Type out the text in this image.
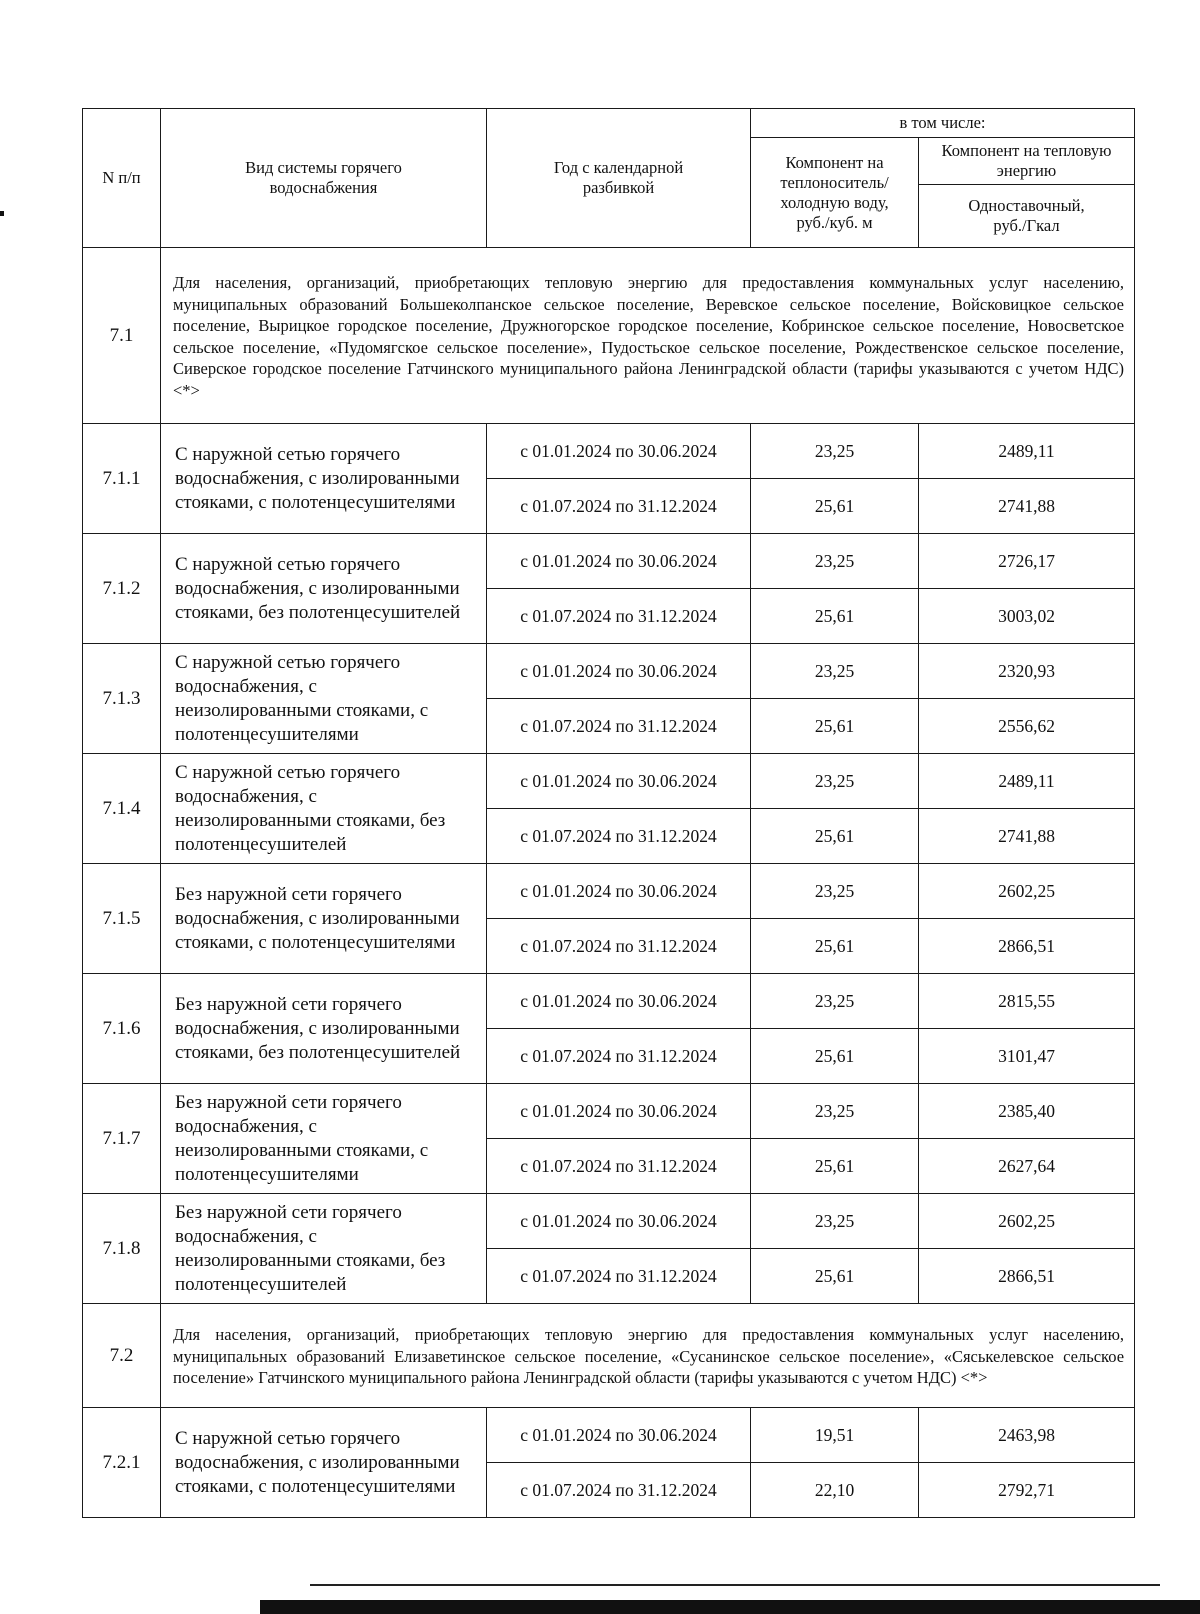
N п/п	Вид системы горячего водоснабжения	Год с календарной разбивкой	в том числе:	

			Компонент на теплоноситель/ холодную воду, руб./куб. м	Компонент на тепловую энергию

				Одноставочный, руб./Гкал

7.1	Для населения, организаций, приобретающих тепловую энергию для предоставления коммунальных услуг населению, муниципальных образований Большеколпанское сельское поселение, Веревское сельское поселение, Войсковицкое сельское поселение, Вырицкое городское поселение, Дружногорское городское поселение, Кобринское сельское поселение, Новосветское сельское поселение, «Пудомягское сельское поселение», Пудостьское сельское поселение, Рождественское сельское поселение, Сиверское городское поселение Гатчинского муниципального района Ленинградской области (тарифы указываются с учетом НДС) <*>			
7.1.1	С наружной сетью горячего водоснабжения, с изолированными стояками, с полотенцесушителями	с 01.01.2024 по 30.06.2024	23,25	2489,11
		с 01.07.2024 по 31.12.2024	25,61	2741,88
7.1.2	С наружной сетью горячего водоснабжения, с изолированными стояками, без полотенцесушителей	с 01.01.2024 по 30.06.2024	23,25	2726,17
		с 01.07.2024 по 31.12.2024	25,61	3003,02
7.1.3	С наружной сетью горячего водоснабжения, с неизолированными стояками, с полотенцесушителями	с 01.01.2024 по 30.06.2024	23,25	2320,93
		с 01.07.2024 по 31.12.2024	25,61	2556,62
7.1.4	С наружной сетью горячего водоснабжения, с неизолированными стояками, без полотенцесушителей	с 01.01.2024 по 30.06.2024	23,25	2489,11
		с 01.07.2024 по 31.12.2024	25,61	2741,88
7.1.5	Без наружной сети горячего водоснабжения, с изолированными стояками, с полотенцесушителями	с 01.01.2024 по 30.06.2024	23,25	2602,25
		с 01.07.2024 по 31.12.2024	25,61	2866,51
7.1.6	Без наружной сети горячего водоснабжения, с изолированными стояками, без полотенцесушителей	с 01.01.2024 по 30.06.2024	23,25	2815,55
		с 01.07.2024 по 31.12.2024	25,61	3101,47
7.1.7	Без наружной сети горячего водоснабжения, с неизолированными стояками, с полотенцесушителями	с 01.01.2024 по 30.06.2024	23,25	2385,40
		с 01.07.2024 по 31.12.2024	25,61	2627,64
7.1.8	Без наружной сети горячего водоснабжения, с неизолированными стояками, без полотенцесушителей	с 01.01.2024 по 30.06.2024	23,25	2602,25
		с 01.07.2024 по 31.12.2024	25,61	2866,51
7.2	Для населения, организаций, приобретающих тепловую энергию для предоставления коммунальных услуг населению, муниципальных образований Елизаветинское сельское поселение, «Сусанинское сельское поселение», «Сяськелевское сельское поселение» Гатчинского муниципального района Ленинградской области (тарифы указываются с учетом НДС) <*>			
7.2.1	С наружной сетью горячего водоснабжения, с изолированными стояками, с полотенцесушителями	с 01.01.2024 по 30.06.2024	19,51	2463,98
		с 01.07.2024 по 31.12.2024	22,10	2792,71
